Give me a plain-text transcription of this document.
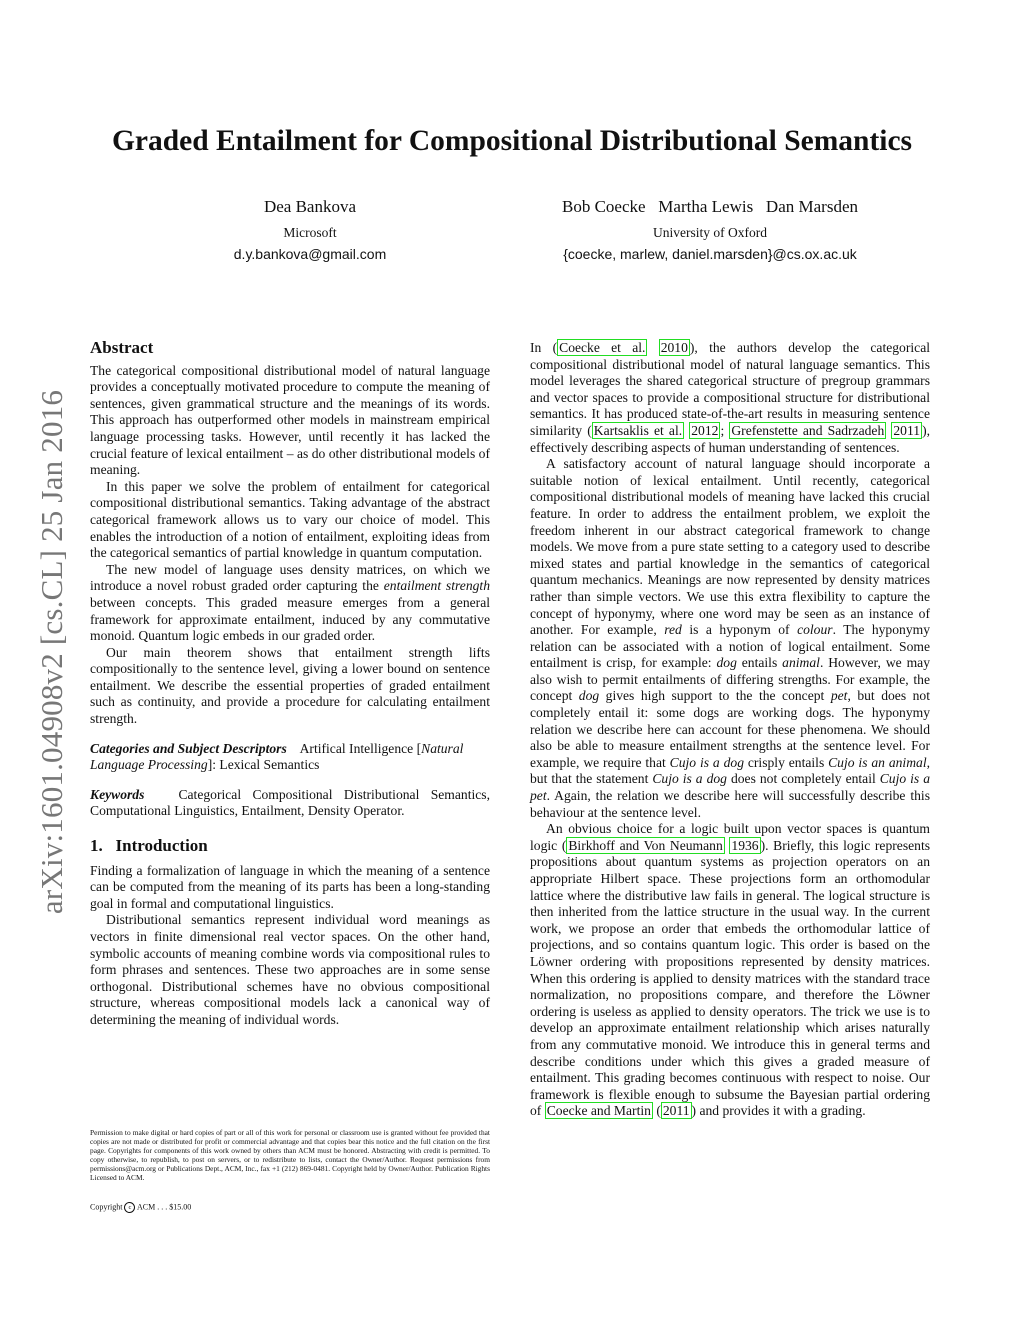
arXiv:1601.04908v2 [cs.CL] 25 Jan 2016
Graded Entailment for Compositional Distributional Semantics
Dea Bankova
Microsoft
d.y.bankova@gmail.com
Bob Coecke   Martha Lewis   Dan Marsden
University of Oxford
{coecke, marlew, daniel.marsden}@cs.ox.ac.uk
Abstract

The categorical compositional distributional model of natural language provides a conceptually motivated procedure to compute the meaning of sentences, given grammatical structure and the meanings of its words. This approach has outperformed other models in mainstream empirical language processing tasks. However, until recently it has lacked the crucial feature of lexical entailment – as do other distributional models of meaning.

In this paper we solve the problem of entailment for categorical compositional distributional semantics. Taking advantage of the abstract categorical framework allows us to vary our choice of model. This enables the introduction of a notion of entailment, exploiting ideas from the categorical semantics of partial knowledge in quantum computation.

The new model of language uses density matrices, on which we introduce a novel robust graded order capturing the entailment strength between concepts. This graded measure emerges from a general framework for approximate entailment, induced by any commutative monoid. Quantum logic embeds in our graded order.

Our main theorem shows that entailment strength lifts compositionally to the sentence level, giving a lower bound on sentence entailment. We describe the essential properties of graded entailment such as continuity, and provide a procedure for calculating entailment strength.

Categories and Subject Descriptors Artifical Intelligence [Natural Language Processing]: Lexical Semantics

Keywords	Categorical Compositional Distributional Semantics, Computational Linguistics, Entailment, Density Operator.

1.   Introduction

Finding a formalization of language in which the meaning of a sentence can be computed from the meaning of its parts has been a long-standing goal in formal and computational linguistics.

Distributional semantics represent individual word meanings as vectors in finite dimensional real vector spaces. On the other hand, symbolic accounts of meaning combine words via compositional rules to form phrases and sentences. These two approaches are in some sense orthogonal. Distributional schemes have no obvious compositional structure, whereas compositional models lack a canonical way of determining the meaning of individual words.

Permission to make digital or hard copies of part or all of this work for personal or classroom use is granted without fee provided that copies are not made or distributed for profit or commercial advantage and that copies bear this notice and the full citation on the first page. Copyrights for components of this work owned by others than ACM must be honored. Abstracting with credit is permitted. To copy otherwise, to republish, to post on servers, or to redistribute to lists, contact the Owner/Author. Request permissions from permissions@acm.org or Publications Dept., ACM, Inc., fax +1 (212) 869-0481. Copyright held by Owner/Author. Publication Rights Licensed to ACM.
Copyright c ACM . . . $15.00

In ( Coecke et al. 2010 ), the authors develop the categorical compositional distributional model of natural language semantics. This model leverages the shared categorical structure of pregroup grammars and vector spaces to provide a compositional structure for distributional semantics. It has produced state-of-the-art results in measuring sentence similarity ( Kartsaklis et al. 2012 ; Grefenstette and Sadrzadeh 2011 ), effectively describing aspects of human understanding of sentences.

A satisfactory account of natural language should incorporate a suitable notion of lexical entailment. Until recently, categorical compositional distributional models of meaning have lacked this crucial feature. In order to address the entailment problem, we exploit the freedom inherent in our abstract categorical framework to change models. We move from a pure state setting to a category used to describe mixed states and partial knowledge in the semantics of categorical quantum mechanics. Meanings are now represented by density matrices rather than simple vectors. We use this extra flexibility to capture the concept of hyponymy, where one word may be seen as an instance of another. For example, red is a hyponym of colour. The hyponymy relation can be associated with a notion of logical entailment. Some entailment is crisp, for example: dog entails animal. However, we may also wish to permit entailments of differing strengths. For example, the concept dog gives high support to the the concept pet, but does not completely entail it: some dogs are working dogs. The hyponymy relation we describe here can account for these phenomena. We should also be able to measure entailment strengths at the sentence level. For example, we require that Cujo is a dog crisply entails Cujo is an animal, but that the statement Cujo is a dog does not completely entail Cujo is a pet. Again, the relation we describe here will successfully describe this behaviour at the sentence level.

An obvious choice for a logic built upon vector spaces is quantum logic ( Birkhoff and Von Neumann 1936 ). Briefly, this logic represents propositions about quantum systems as projection operators on an appropriate Hilbert space. These projections form an orthomodular lattice where the distributive law fails in general. The logical structure is then inherited from the lattice structure in the usual way. In the current work, we propose an order that embeds the orthomodular lattice of projections, and so contains quantum logic. This order is based on the Löwner ordering with propositions represented by density matrices. When this ordering is applied to density matrices with the standard trace normalization, no propositions compare, and therefore the Löwner ordering is useless as applied to density operators. The trick we use is to develop an approximate entailment relationship which arises naturally from any commutative monoid. We introduce this in general terms and describe conditions under which this gives a graded measure of entailment. This grading becomes continuous with respect to noise. Our framework is flexible enough to subsume the Bayesian partial ordering of Coecke and Martin ( 2011 ) and provides it with a grading.
